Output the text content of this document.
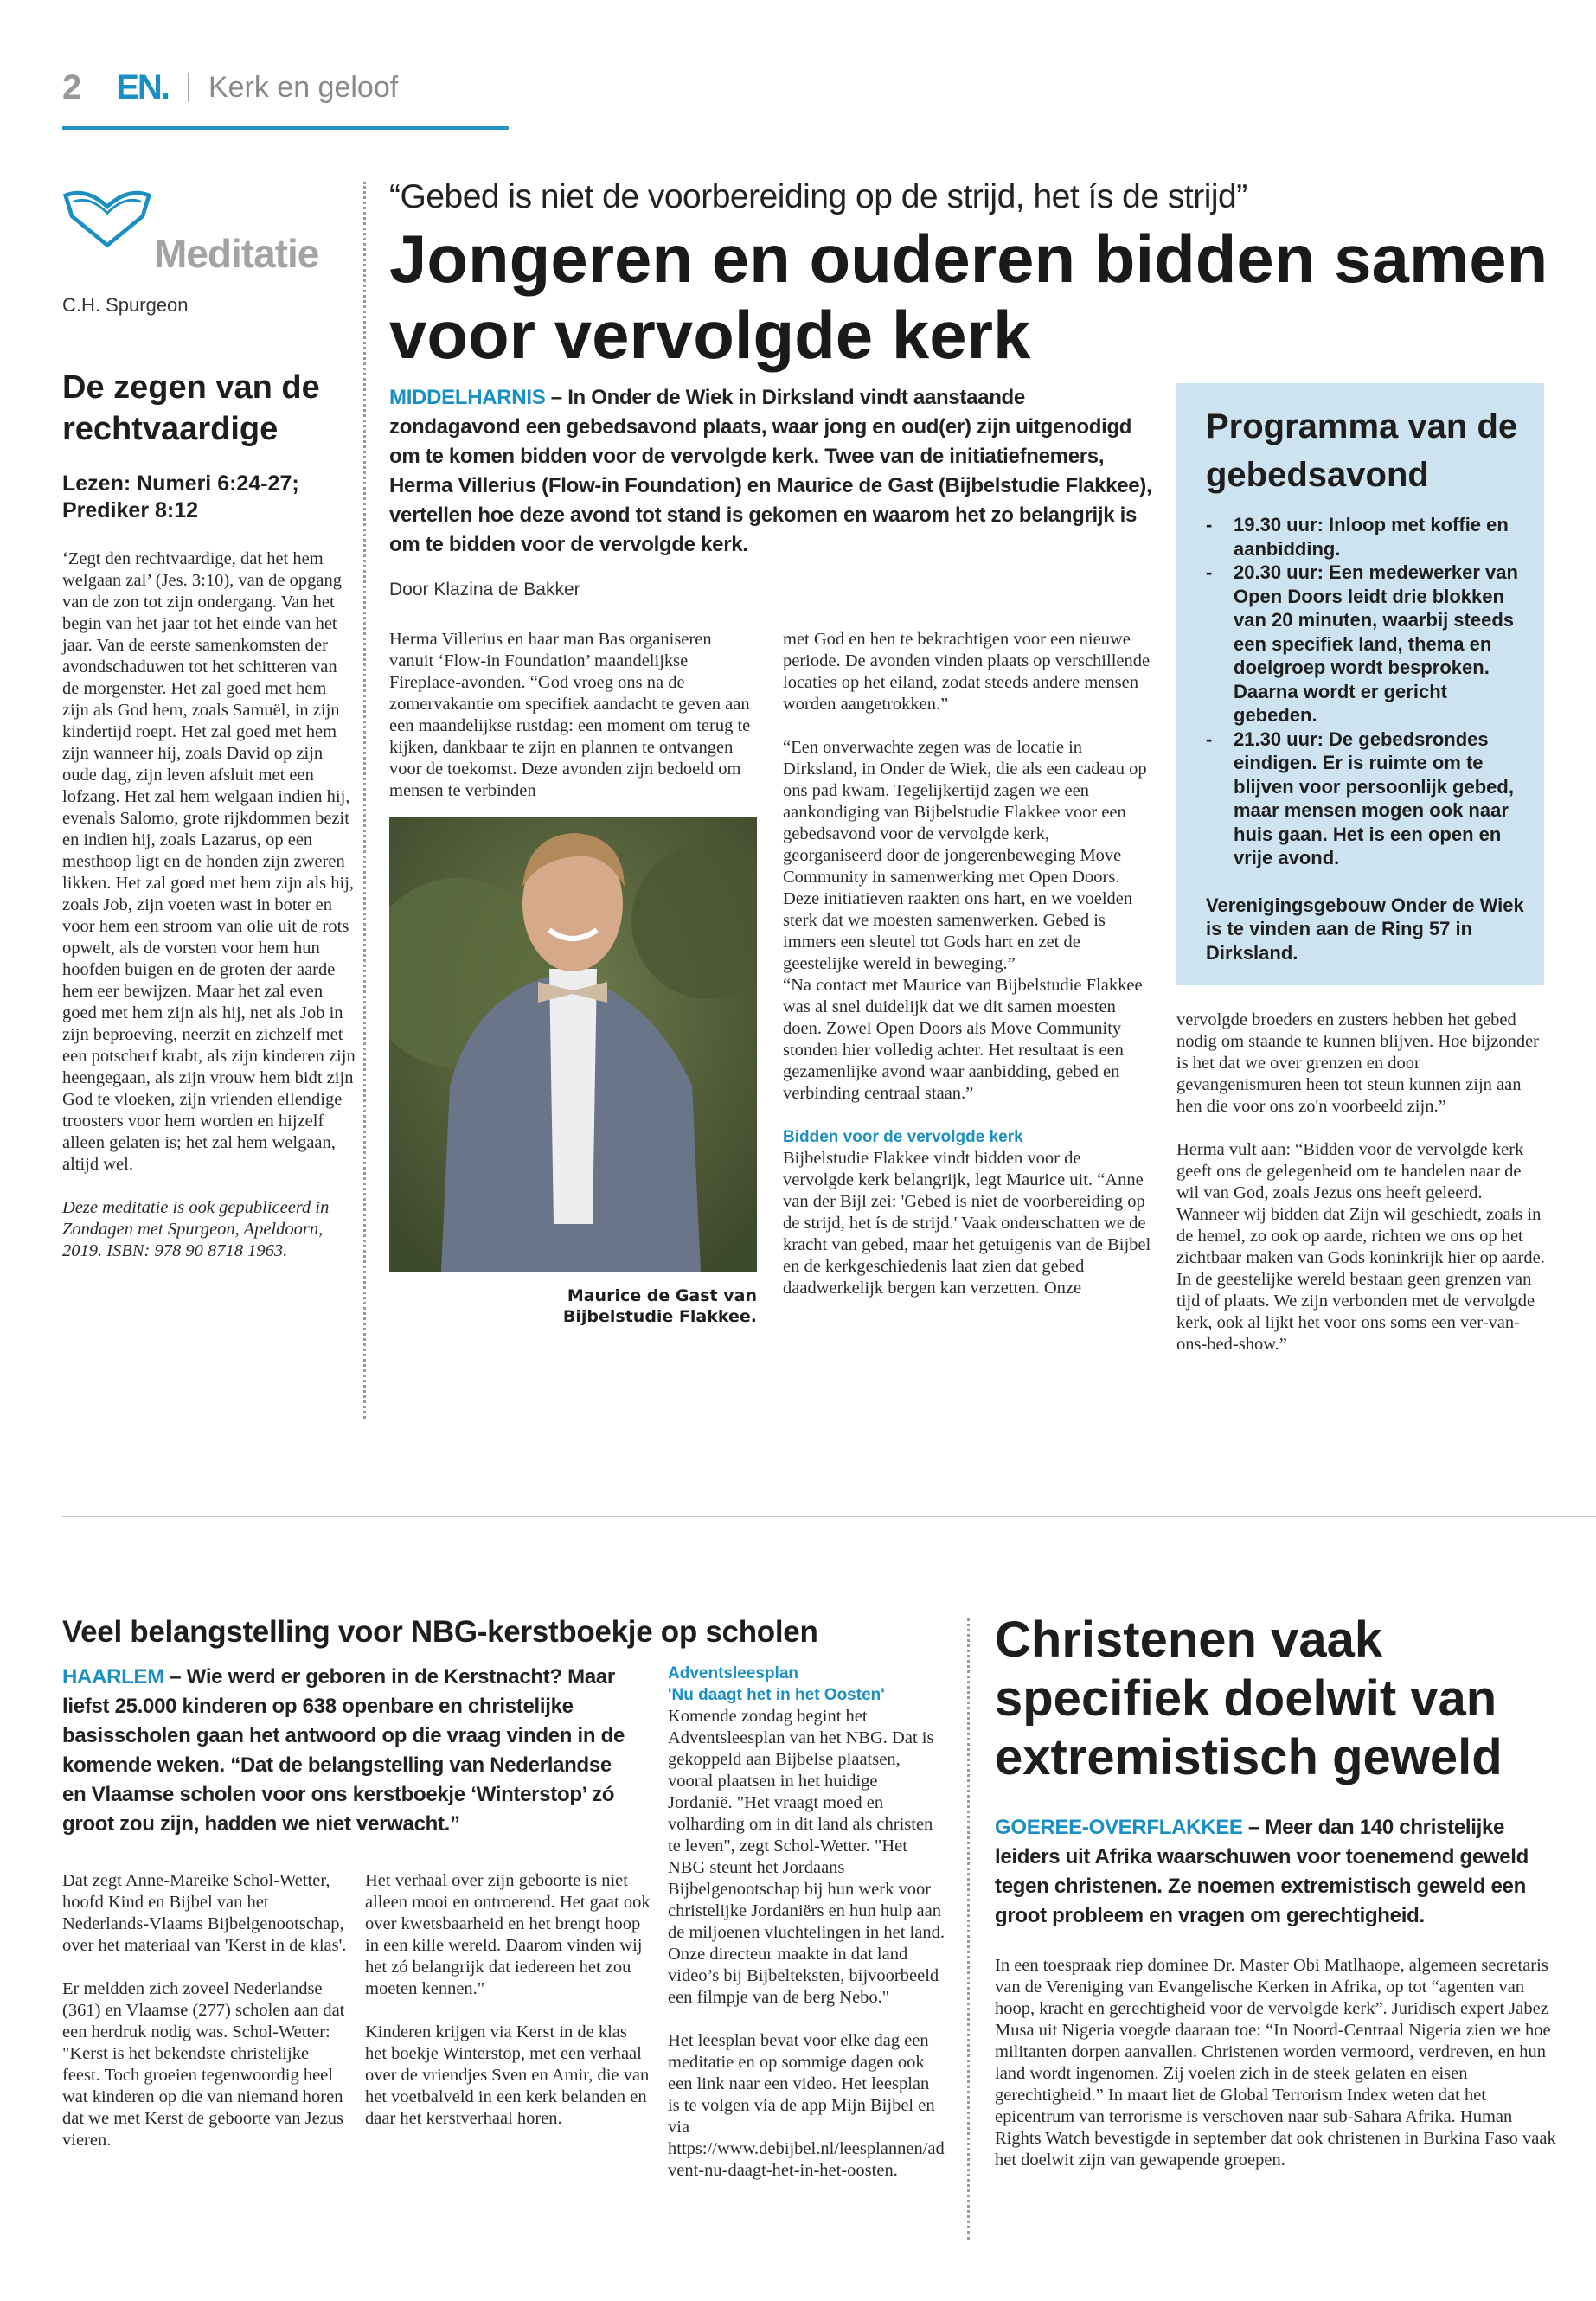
2 EN. Kerk en geloof
Meditatie
C.H. Spurgeon
De zegen van de rechtvaardige
Lezen: Numeri 6:24-27; Prediker 8:12

‘Zegt den rechtvaardige, dat het hem welgaan zal’ (Jes. 3:10), van de opgang van de zon tot zijn ondergang. Van het begin van het jaar tot het einde van het jaar. Van de eerste samenkomsten der avondschaduwen tot het schitteren van de morgenster. Het zal goed met hem zijn als God hem, zoals Samuël, in zijn kindertijd roept. Het zal goed met hem zijn wanneer hij, zoals David op zijn oude dag, zijn leven afsluit met een lofzang. Het zal hem welgaan indien hij, evenals Salomo, grote rijkdommen bezit en indien hij, zoals Lazarus, op een mesthoop ligt en de honden zijn zweren likken. Het zal goed met hem zijn als hij, zoals Job, zijn voeten wast in boter en voor hem een stroom van olie uit de rots opwelt, als de vorsten voor hem hun hoofden buigen en de groten der aarde hem eer bewijzen. Maar het zal even goed met hem zijn als hij, net als Job in zijn beproeving, neerzit en zichzelf met een potscherf krabt, als zijn kinderen zijn heengegaan, als zijn vrouw hem bidt zijn God te vloeken, zijn vrienden ellendige troosters voor hem worden en hijzelf alleen gelaten is; het zal hem welgaan, altijd wel.

Deze meditatie is ook gepubliceerd in Zondagen met Spurgeon, Apeldoorn, 2019. ISBN: 978 90 8718 1963.

“Gebed is niet de voorbereiding op de strijd, het ís de strijd”
Jongeren en ouderen bidden samen voor vervolgde kerk
MIDDELHARNIS – In Onder de Wiek in Dirksland vindt aanstaande zondagavond een gebedsavond plaats, waar jong en oud(er) zijn uitgenodigd om te komen bidden voor de vervolgde kerk. Twee van de initiatiefnemers, Herma Villerius (Flow-in Foundation) en Maurice de Gast (Bijbelstudie Flakkee), vertellen hoe deze avond tot stand is gekomen en waarom het zo belangrijk is om te bidden voor de vervolgde kerk.
Door Klazina de Bakker

Herma Villerius en haar man Bas organiseren vanuit ‘Flow-in Foundation’ maandelijkse Fireplace-avonden. “God vroeg ons na de zomervakantie om specifiek aandacht te geven aan een maandelijkse rustdag: een moment om terug te kijken, dankbaar te zijn en plannen te ontvangen voor de toekomst. Deze avonden zijn bedoeld om mensen te verbinden

Maurice de Gast van Bijbelstudie Flakkee.

met God en hen te bekrachtigen voor een nieuwe periode. De avonden vinden plaats op verschillende locaties op het eiland, zodat steeds andere mensen worden aangetrokken.”

“Een onverwachte zegen was de locatie in Dirksland, in Onder de Wiek, die als een cadeau op ons pad kwam. Tegelijkertijd zagen we een aankondiging van Bijbelstudie Flakkee voor een gebedsavond voor de vervolgde kerk, georganiseerd door de jongerenbeweging Move Community in samenwerking met Open Doors. Deze initiatieven raakten ons hart, en we voelden sterk dat we moesten samenwerken. Gebed is immers een sleutel tot Gods hart en zet de geestelijke wereld in beweging.”

“Na contact met Maurice van Bijbelstudie Flakkee was al snel duidelijk dat we dit samen moesten doen. Zowel Open Doors als Move Community stonden hier volledig achter. Het resultaat is een gezamenlijke avond waar aanbidding, gebed en verbinding centraal staan.”

Bidden voor de vervolgde kerk

Bijbelstudie Flakkee vindt bidden voor de vervolgde kerk belangrijk, legt Maurice uit. “Anne van der Bijl zei: 'Gebed is niet de voorbereiding op de strijd, het ís de strijd.' Vaak onderschatten we de kracht van gebed, maar het getuigenis van de Bijbel en de kerkgeschiedenis laat zien dat gebed daadwerkelijk bergen kan verzetten. Onze

Programma van de gebedsavond
-	19.30 uur: Inloop met koffie en aanbidding.
-	20.30 uur: Een medewerker van Open Doors leidt drie blokken van 20 minuten, waarbij steeds een specifiek land, thema en doelgroep wordt besproken. Daarna wordt er gericht gebeden.
-	21.30 uur: De gebedsrondes eindigen. Er is ruimte om te blijven voor persoonlijk gebed, maar mensen mogen ook naar huis gaan. Het is een open en vrije avond.
Verenigingsgebouw Onder de Wiek is te vinden aan de Ring 57 in Dirksland.

vervolgde broeders en zusters hebben het gebed nodig om staande te kunnen blijven. Hoe bijzonder is het dat we over grenzen en door gevangenismuren heen tot steun kunnen zijn aan hen die voor ons zo'n voorbeeld zijn.”

Herma vult aan: “Bidden voor de vervolgde kerk geeft ons de gelegenheid om te handelen naar de wil van God, zoals Jezus ons heeft geleerd. Wanneer wij bidden dat Zijn wil geschiedt, zoals in de hemel, zo ook op aarde, richten we ons op het zichtbaar maken van Gods koninkrijk hier op aarde. In de geestelijke wereld bestaan geen grenzen van tijd of plaats. We zijn verbonden met de vervolgde kerk, ook al lijkt het voor ons soms een ver-van-ons-bed-show.”

Veel belangstelling voor NBG-kerstboekje op scholen
HAARLEM – Wie werd er geboren in de Kerstnacht? Maar liefst 25.000 kinderen op 638 openbare en christelijke basisscholen gaan het antwoord op die vraag vinden in de komende weken. “Dat de belangstelling van Nederlandse en Vlaamse scholen voor ons kerstboekje ‘Winterstop’ zó groot zou zijn, hadden we niet verwacht.”

Dat zegt Anne-Mareike Schol-Wetter, hoofd Kind en Bijbel van het Nederlands-Vlaams Bijbelgenootschap, over het materiaal van 'Kerst in de klas'.

Er meldden zich zoveel Nederlandse (361) en Vlaamse (277) scholen aan dat een herdruk nodig was. Schol-Wetter: "Kerst is het bekendste christelijke feest. Toch groeien tegenwoordig heel wat kinderen op die van niemand horen dat we met Kerst de geboorte van Jezus vieren.

Het verhaal over zijn geboorte is niet alleen mooi en ontroerend. Het gaat ook over kwetsbaarheid en het brengt hoop in een kille wereld. Daarom vinden wij het zó belangrijk dat iedereen het zou moeten kennen."

Kinderen krijgen via Kerst in de klas het boekje Winterstop, met een verhaal over de vriendjes Sven en Amir, die van het voetbalveld in een kerk belanden en daar het kerstverhaal horen.

Adventsleesplan
'Nu daagt het in het Oosten'

Komende zondag begint het Adventsleesplan van het NBG. Dat is gekoppeld aan Bijbelse plaatsen, vooral plaatsen in het huidige Jordanië. "Het vraagt moed en volharding om in dit land als christen te leven", zegt Schol-Wetter. "Het NBG steunt het Jordaans Bijbelgenootschap bij hun werk voor christelijke Jordaniërs en hun hulp aan de miljoenen vluchtelingen in het land. Onze directeur maakte in dat land video’s bij Bijbelteksten, bijvoorbeeld een filmpje van de berg Nebo."

Het leesplan bevat voor elke dag een meditatie en op sommige dagen ook een link naar een video. Het leesplan is te volgen via de app Mijn Bijbel en via https://www.debijbel.nl/leesplannen/advent-nu-daagt-het-in-het-oosten.

Christenen vaak specifiek doelwit van extremistisch geweld
GOEREE-OVERFLAKKEE – Meer dan 140 christelijke leiders uit Afrika waarschuwen voor toenemend geweld tegen christenen. Ze noemen extremistisch geweld een groot probleem en vragen om gerechtigheid.

In een toespraak riep dominee Dr. Master Obi Matlhaope, algemeen secretaris van de Vereniging van Evangelische Kerken in Afrika, op tot “agenten van hoop, kracht en gerechtigheid voor de vervolgde kerk”. Juridisch expert Jabez Musa uit Nigeria voegde daaraan toe: “In Noord-Centraal Nigeria zien we hoe militanten dorpen aanvallen. Christenen worden vermoord, verdreven, en hun land wordt ingenomen. Zij voelen zich in de steek gelaten en eisen gerechtigheid.” In maart liet de Global Terrorism Index weten dat het epicentrum van terrorisme is verschoven naar sub-Sahara Afrika. Human Rights Watch bevestigde in september dat ook christenen in Burkina Faso vaak het doelwit zijn van gewapende groepen.
